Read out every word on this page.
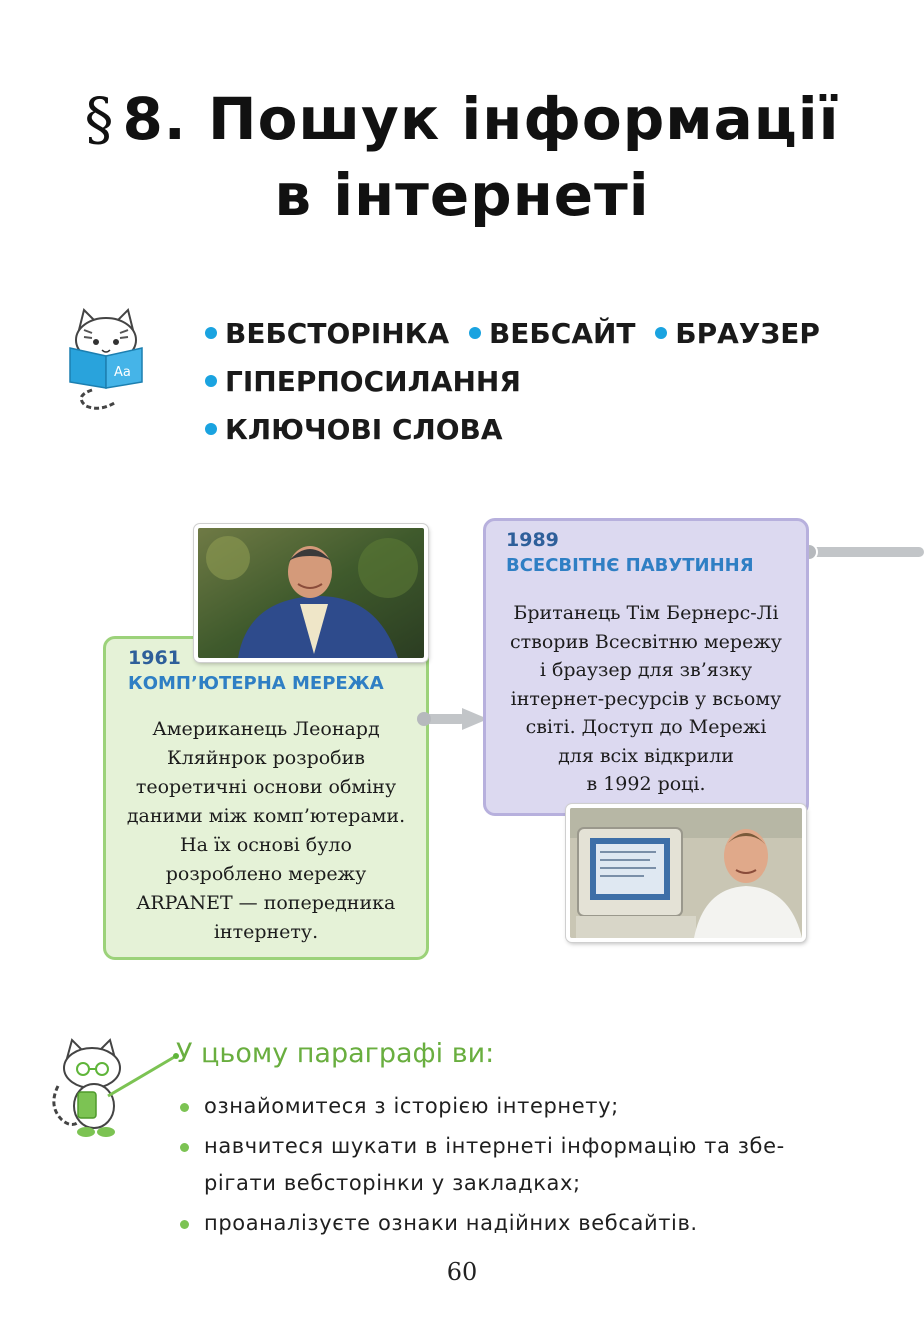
§ 8. Пошук інформації
в інтернеті
Aa
ВЕБСТОРІНКА ВЕБСАЙТ БРАУЗЕР
ГІПЕРПОСИЛАННЯ
КЛЮЧОВІ СЛОВА
1961
КОМП’ЮТЕРНА МЕРЕЖА
Американець Леонард
Кляйнрок розробив
теоретичні основи обміну
даними між комп’ютерами.
На їх основі було
розроблено мережу
ARPANET — попередника
інтернету.
1989
ВСЕСВІТНЄ ПАВУТИННЯ
Британець Тім Бернерс-Лі
створив Всесвітню мережу
і браузер для зв’язку
інтернет-ресурсів у всьому
світі. Доступ до Мережі
для всіх відкрили
в 1992 році.
У цьому параграфі ви:
ознайомитеся з історією інтернету;
навчитеся шукати в інтернеті інформацію та збе-
рігати вебсторінки у закладках;
проаналізуєте ознаки надійних вебсайтів.
60
